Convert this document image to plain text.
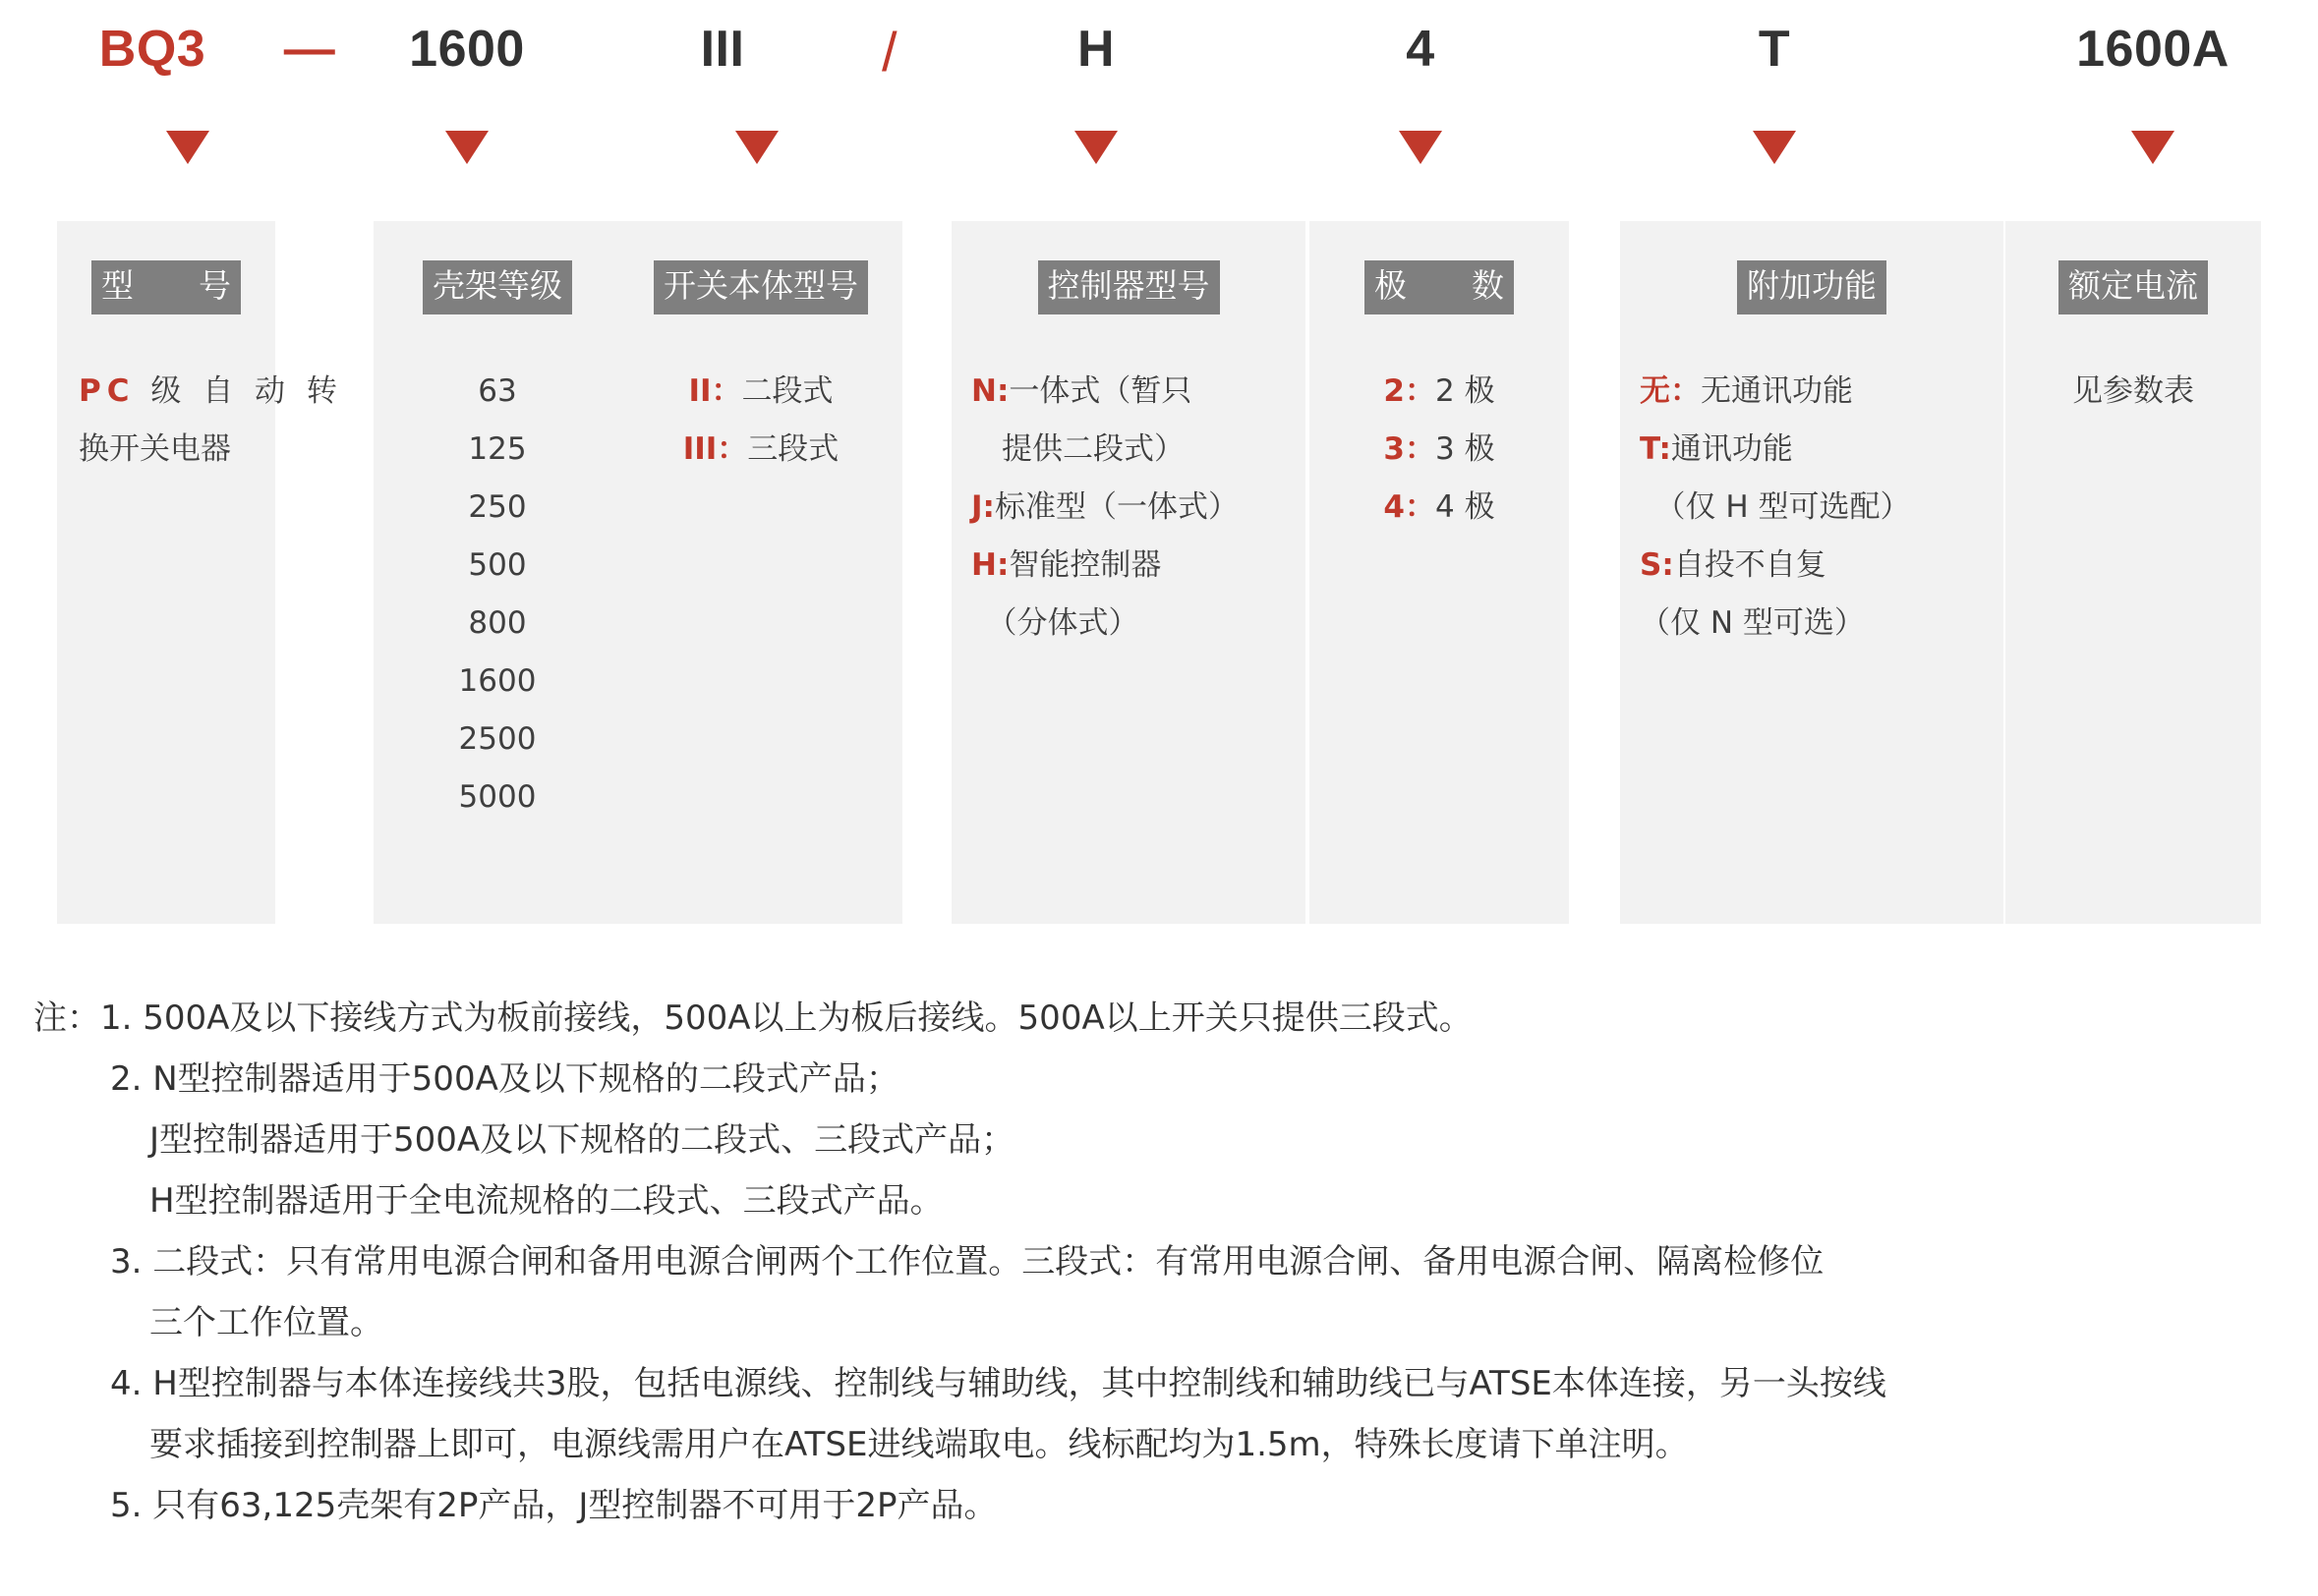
BQ3	—	1600	III	/	H	4	T	1600A
型　　号
PC 级 自 动 转
换开关电器
壳架等级
63
125
250
500
800
1600
2500
5000
开关本体型号
II：二段式
III：三段式
控制器型号
N:一体式（暂只
　提供二段式）
J:标准型（一体式）
H:智能控制器
　（分体式）
极　　数
2：2 极
3：3 极
4：4 极
附加功能
无：无通讯功能
T:通讯功能
　（仅 H 型可选配）
S:自投不自复
（仅 N 型可选）
额定电流
见参数表
注：1. 500A及以下接线方式为板前接线，500A以上为板后接线。500A以上开关只提供三段式。
2. N型控制器适用于500A及以下规格的二段式产品；
J型控制器适用于500A及以下规格的二段式、三段式产品；
H型控制器适用于全电流规格的二段式、三段式产品。
3. 二段式：只有常用电源合闸和备用电源合闸两个工作位置。三段式：有常用电源合闸、备用电源合闸、隔离检修位
三个工作位置。
4. H型控制器与本体连接线共3股，包括电源线、控制线与辅助线，其中控制线和辅助线已与ATSE本体连接，另一头按线
要求插接到控制器上即可，电源线需用户在ATSE进线端取电。线标配均为1.5m，特殊长度请下单注明。
5. 只有63,125壳架有2P产品，J型控制器不可用于2P产品。
